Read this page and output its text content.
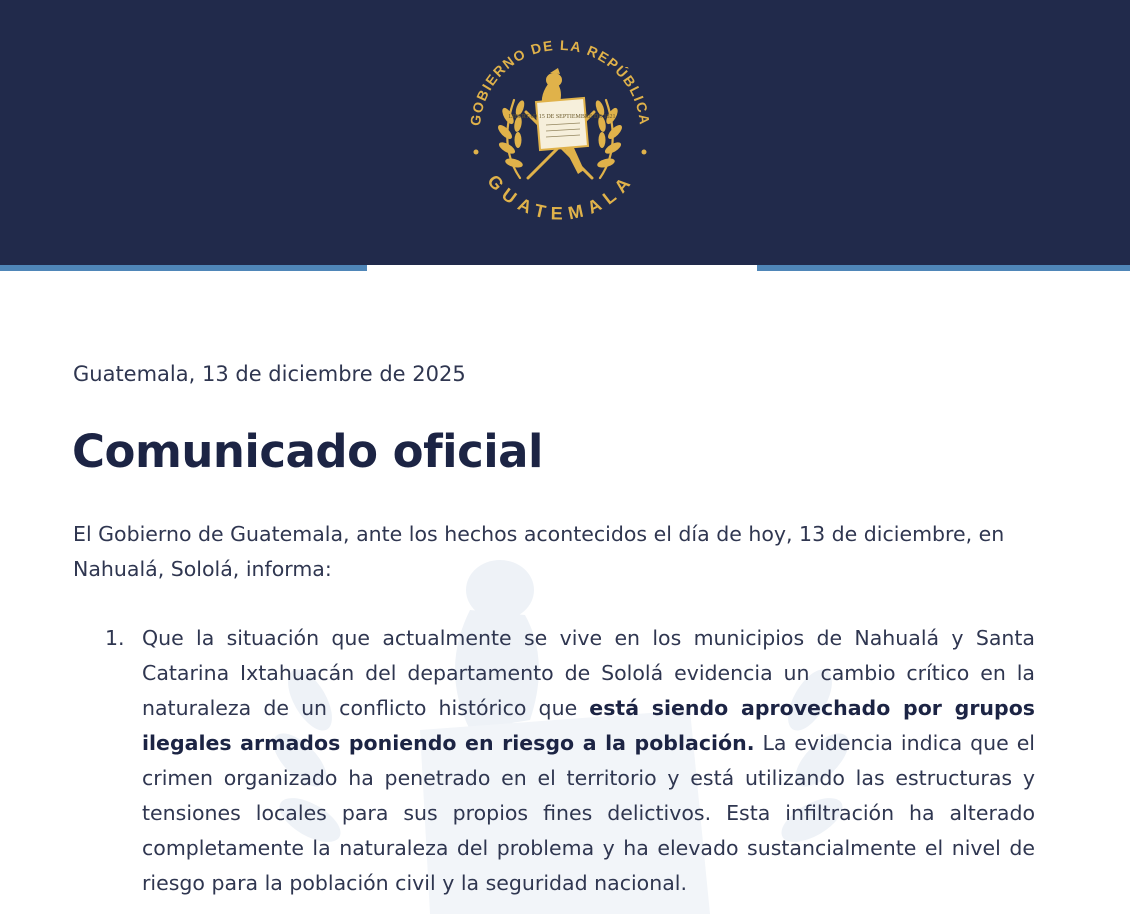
GOBIERNO DE LA REPÚBLICA
GUATEMALA
LIBERTAD 15 DE SEPTIEMBRE DE 1821
Guatemala, 13 de diciembre de 2025
Comunicado oficial
El Gobierno de Guatemala, ante los hechos acontecidos el día de hoy, 13 de diciembre, en Nahualá, Sololá, informa:
1. Que la situación que actualmente se vive en los municipios de Nahualá y Santa Catarina Ixtahuacán del departamento de Sololá evidencia un cambio crítico en la naturaleza de un conflicto histórico que está siendo aprovechado por grupos ilegales armados poniendo en riesgo a la población. La evidencia indica que el crimen organizado ha penetrado en el territorio y está utilizando las estructuras y tensiones locales para sus propios fines delictivos. Esta infiltración ha alterado completamente la naturaleza del problema y ha elevado sustancialmente el nivel de riesgo para la población civil y la seguridad nacional.
